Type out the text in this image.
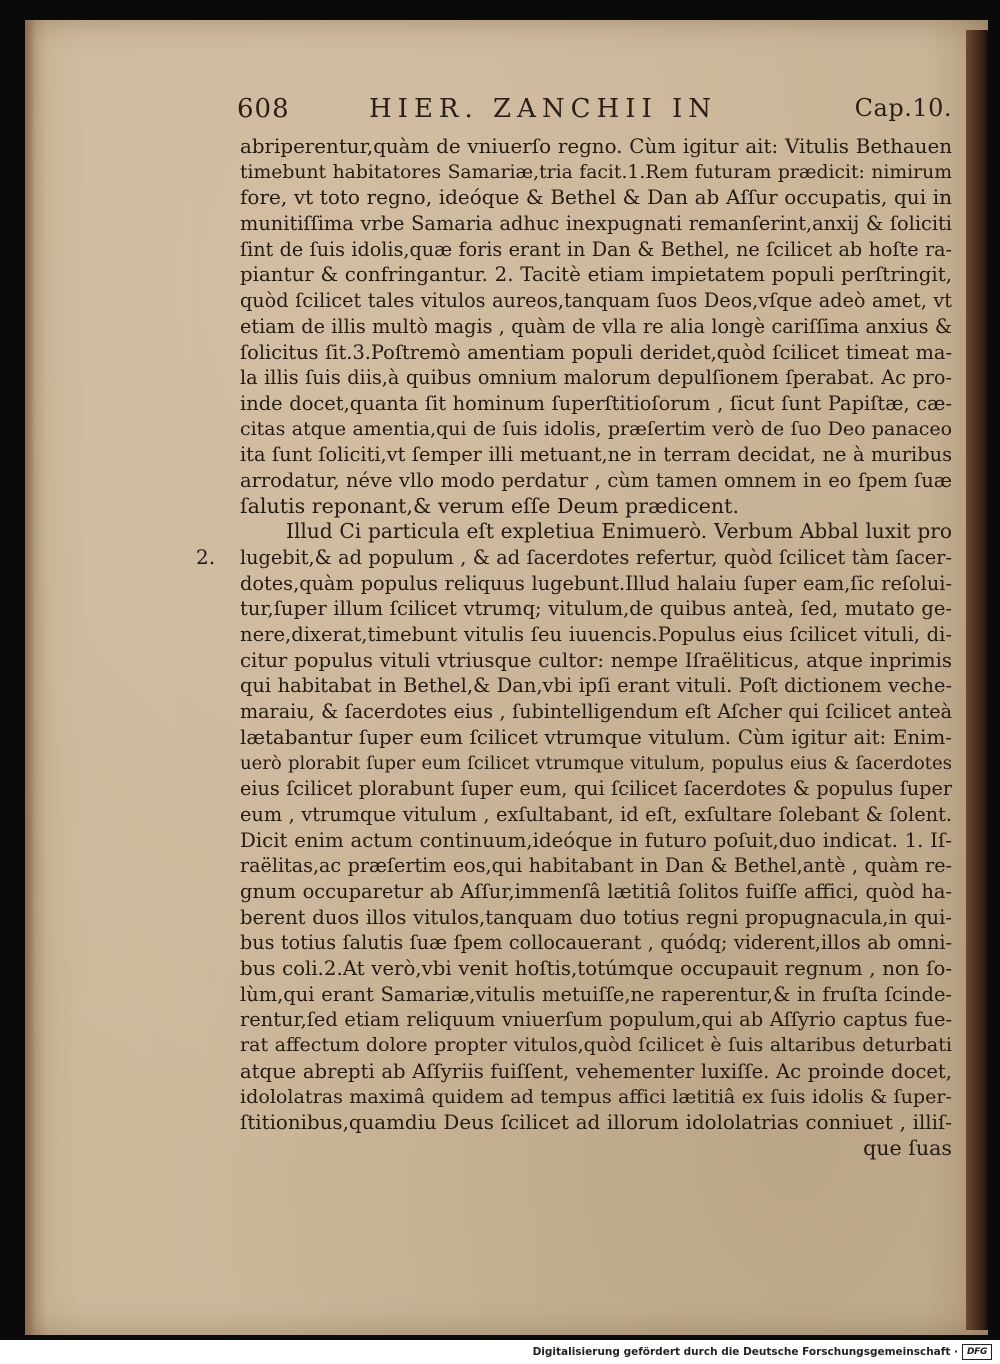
608	HIER. ZANCHII IN	Cap.10.
2.
abriperentur,quàm de vniuerſo regno. Cùm igitur ait: Vitulis Bethauen
timebunt habitatores Samariæ,tria facit.1.Rem futuram prædicit: nimirum
fore, vt toto regno, ideóque & Bethel & Dan ab Aſſur occupatis, qui in
munitiſſima vrbe Samaria adhuc inexpugnati remanſerint,anxij & ſoliciti
ſint de ſuis idolis,quæ foris erant in Dan & Bethel, ne ſcilicet ab hoſte ra-
piantur & confringantur. 2. Tacitè etiam impietatem populi perſtringit,
quòd ſcilicet tales vitulos aureos,tanquam ſuos Deos,vſque adeò amet, vt
etiam de illis multò magis , quàm de vlla re alia longè cariſſima anxius &
ſolicitus ſit.3.Poſtremò amentiam populi deridet,quòd ſcilicet timeat ma-
la illis ſuis diis,à quibus omnium malorum depulſionem ſperabat. Ac pro-
inde docet,quanta ſit hominum ſuperſtitioſorum , ſicut ſunt Papiſtæ, cæ-
citas atque amentia,qui de ſuis idolis, præſertim verò de ſuo Deo panaceo
ita ſunt ſoliciti,vt ſemper illi metuant,ne in terram decidat, ne à muribus
arrodatur, néve vllo modo perdatur , cùm tamen omnem in eo ſpem ſuæ
ſalutis reponant,& verum eſſe Deum prædicent.
Illud Ci particula eſt expletiua Enimuerò. Verbum Abbal luxit pro
lugebit,& ad populum , & ad ſacerdotes refertur, quòd ſcilicet tàm ſacer-
dotes,quàm populus reliquus lugebunt.Illud halaiu ſuper eam,ſic reſolui-
tur,ſuper illum ſcilicet vtrumq; vitulum,de quibus anteà, ſed, mutato ge-
nere,dixerat,timebunt vitulis ſeu iuuencis.Populus eius ſcilicet vituli, di-
citur populus vituli vtriusque cultor: nempe Iſraëliticus, atque inprimis
qui habitabat in Bethel,& Dan,vbi ipſi erant vituli. Poſt dictionem veche-
maraiu, & ſacerdotes eius , ſubintelligendum eſt Aſcher qui ſcilicet anteà
lætabantur ſuper eum ſcilicet vtrumque vitulum. Cùm igitur ait: Enim-
uerò plorabit ſuper eum ſcilicet vtrumque vitulum, populus eius & ſacerdotes
eius ſcilicet plorabunt ſuper eum, qui ſcilicet ſacerdotes & populus ſuper
eum , vtrumque vitulum , exſultabant, id eſt, exſultare ſolebant & ſolent.
Dicit enim actum continuum,ideóque in futuro poſuit,duo indicat. 1. Iſ-
raëlitas,ac præſertim eos,qui habitabant in Dan & Bethel,antè , quàm re-
gnum occuparetur ab Aſſur,immenſâ lætitiâ ſolitos fuiſſe affici, quòd ha-
berent duos illos vitulos,tanquam duo totius regni propugnacula,in qui-
bus totius ſalutis ſuæ ſpem collocauerant , quódq; viderent,illos ab omni-
bus coli.2.At verò,vbi venit hoſtis,totúmque occupauit regnum , non ſo-
lùm,qui erant Samariæ,vitulis metuiſſe,ne raperentur,& in fruſta ſcinde-
rentur,ſed etiam reliquum vniuerſum populum,qui ab Aſſyrio captus fue-
rat affectum dolore propter vitulos,quòd ſcilicet è ſuis altaribus deturbati
atque abrepti ab Aſſyriis fuiſſent, vehementer luxiſſe. Ac proinde docet,
idololatras maximâ quidem ad tempus affici lætitiâ ex ſuis idolis & ſuper-
ſtitionibus,quamdiu Deus ſcilicet ad illorum idololatrias conniuet , illiſ-
que ſuas
Digitalisierung gefördert durch die Deutsche Forschungsgemeinschaft · DFG
